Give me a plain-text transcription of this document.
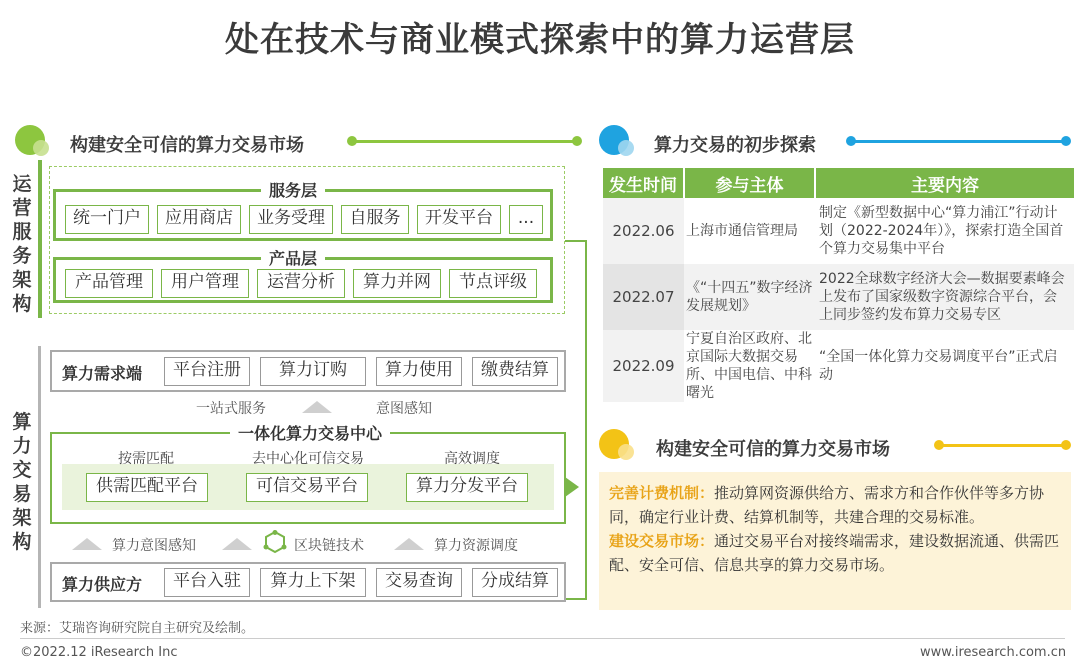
处在技术与商业模式探索中的算力运营层
构建安全可信的算力交易市场
运营服务架构
服务层
统一门户	应用商店	业务受理	自服务	开发平台	...
产品层
产品管理	用户管理	运营分析	算力并网	节点评级
算力交易架构
算力需求端	平台注册	算力订购	算力使用	缴费结算
一站式服务	意图感知
一体化算力交易中心
按需匹配	去中心化可信交易	高效调度
供需匹配平台	可信交易平台	算力分发平台
算力意图感知	区块链技术	算力资源调度
算力供应方	平台入驻	算力上下架	交易查询	分成结算
算力交易的初步探索
发生时间	参与主体	主要内容
2022.06	上海市通信管理局	制定《新型数据中心“算力浦江”行动计划（2022-2024年）》，探索打造全国首个算力交易集中平台
2022.07	《“十四五”数字经济发展规划》	2022全球数字经济大会—数据要素峰会上发布了国家级数字资源综合平台，会上同步签约发布算力交易专区
2022.09	宁夏自治区政府、北京国际大数据交易所、中国电信、中科曙光	“全国一体化算力交易调度平台”正式启动
构建安全可信的算力交易市场
完善计费机制：推动算网资源供给方、需求方和合作伙伴等多方协同，确定行业计费、结算机制等，共建合理的交易标准。
建设交易市场：通过交易平台对接终端需求，建设数据流通、供需匹配、安全可信、信息共享的算力交易市场。
来源：艾瑞咨询研究院自主研究及绘制。
©2022.12 iResearch Inc	www.iresearch.com.cn
